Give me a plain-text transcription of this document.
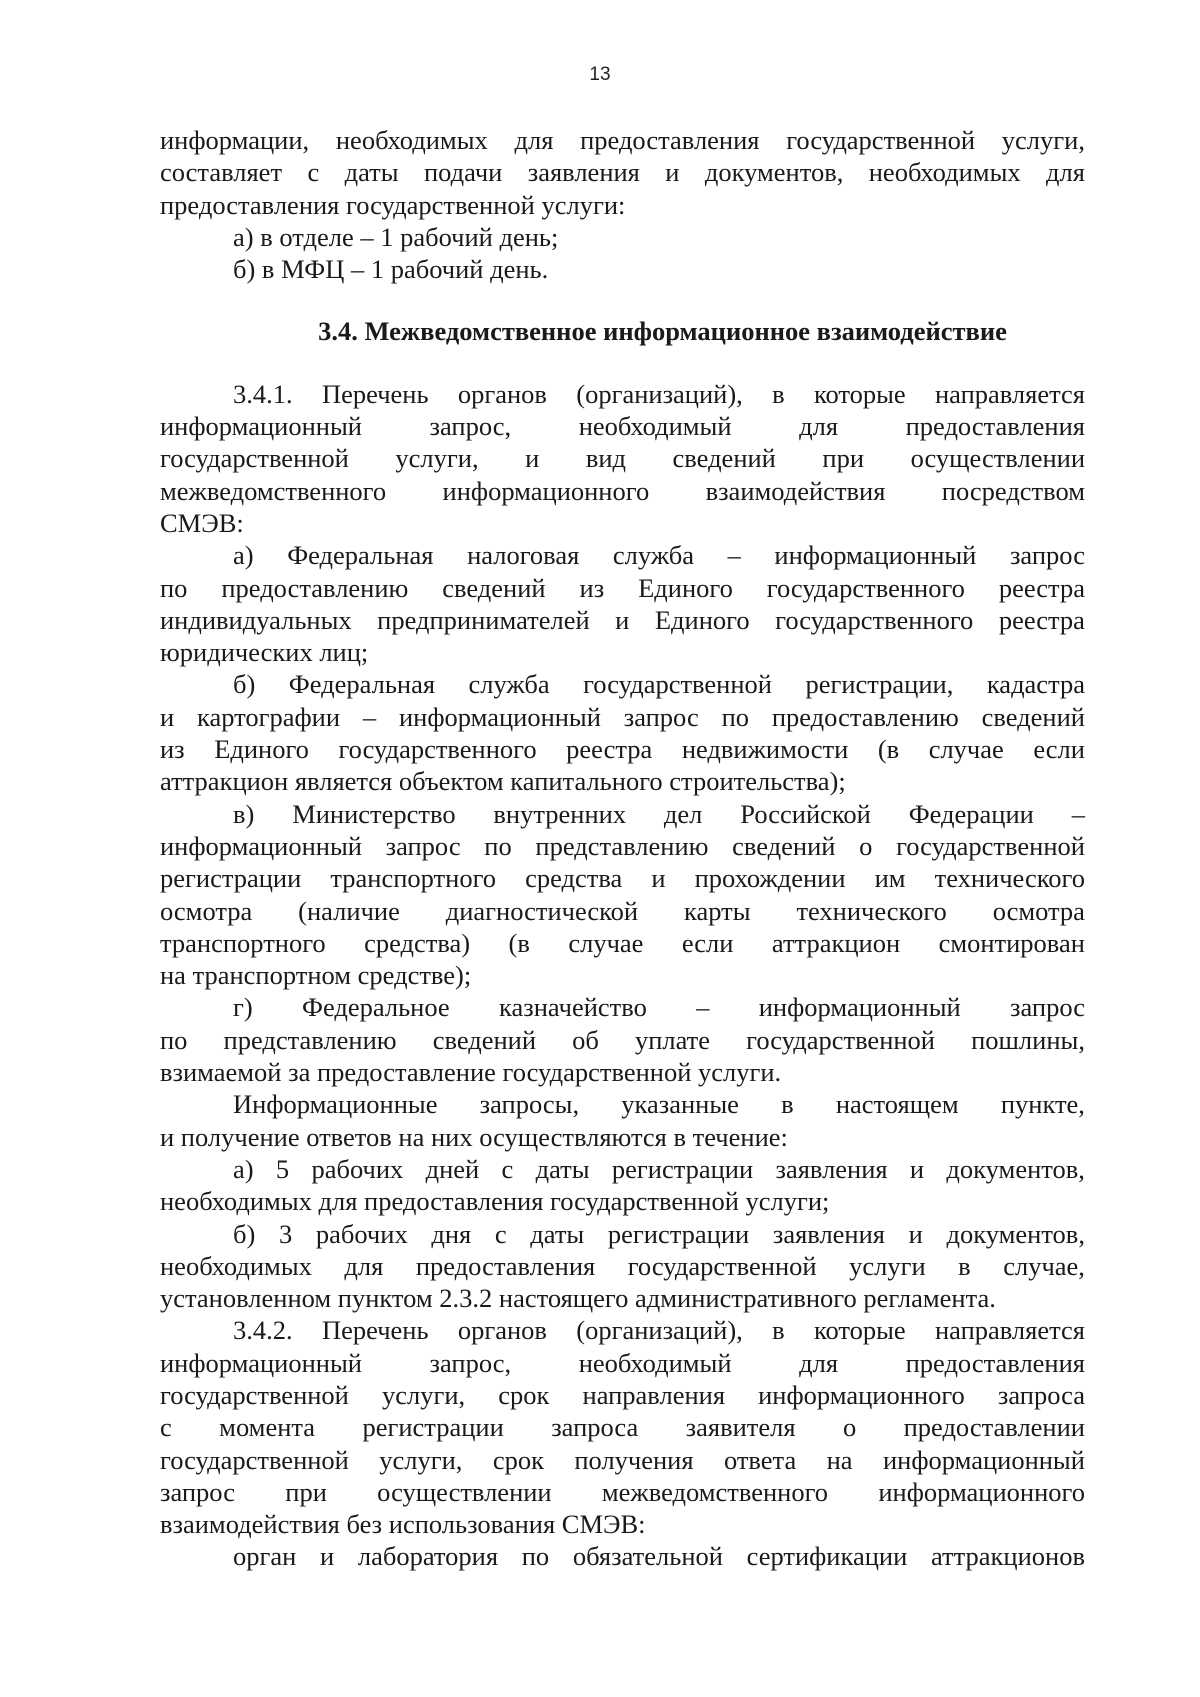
13
информации, необходимых для предоставления государственной услуги,
составляет с даты подачи заявления и документов, необходимых для
предоставления государственной услуги:
а) в отделе – 1 рабочий день;
б) в МФЦ – 1 рабочий день.
3.4. Межведомственное информационное взаимодействие
3.4.1. Перечень органов (организаций), в которые направляется
информационный	запрос,	необходимый	для	предоставления
государственной услуги, и вид сведений при осуществлении
межведомственного информационного взаимодействия посредством
СМЭВ:
а) Федеральная налоговая служба – информационный запрос
по предоставлению сведений из Единого государственного реестра
индивидуальных предпринимателей и Единого государственного реестра
юридических лиц;
б) Федеральная служба государственной регистрации, кадастра
и картографии – информационный запрос по предоставлению сведений
из Единого государственного реестра недвижимости (в случае если
аттракцион является объектом капитального строительства);
в) Министерство внутренних дел Российской Федерации –
информационный запрос по представлению сведений о государственной
регистрации транспортного средства и прохождении им технического
осмотра (наличие диагностической карты технического осмотра
транспортного средства) (в случае если аттракцион смонтирован
на транспортном средстве);
г) Федеральное казначейство – информационный запрос
по представлению сведений об уплате государственной пошлины,
взимаемой за предоставление государственной услуги.
Информационные запросы, указанные в настоящем пункте,
и получение ответов на них осуществляются в течение:
а) 5 рабочих дней с даты регистрации заявления и документов,
необходимых для предоставления государственной услуги;
б) 3 рабочих дня с даты регистрации заявления и документов,
необходимых для предоставления государственной услуги в случае,
установленном пунктом 2.3.2 настоящего административного регламента.
3.4.2. Перечень органов (организаций), в которые направляется
информационный	запрос,	необходимый	для	предоставления
государственной услуги, срок направления информационного запроса
с момента регистрации запроса заявителя о предоставлении
государственной услуги, срок получения ответа на информационный
запрос при осуществлении межведомственного информационного
взаимодействия без использования СМЭВ:
орган и лаборатория по обязательной сертификации аттракционов
